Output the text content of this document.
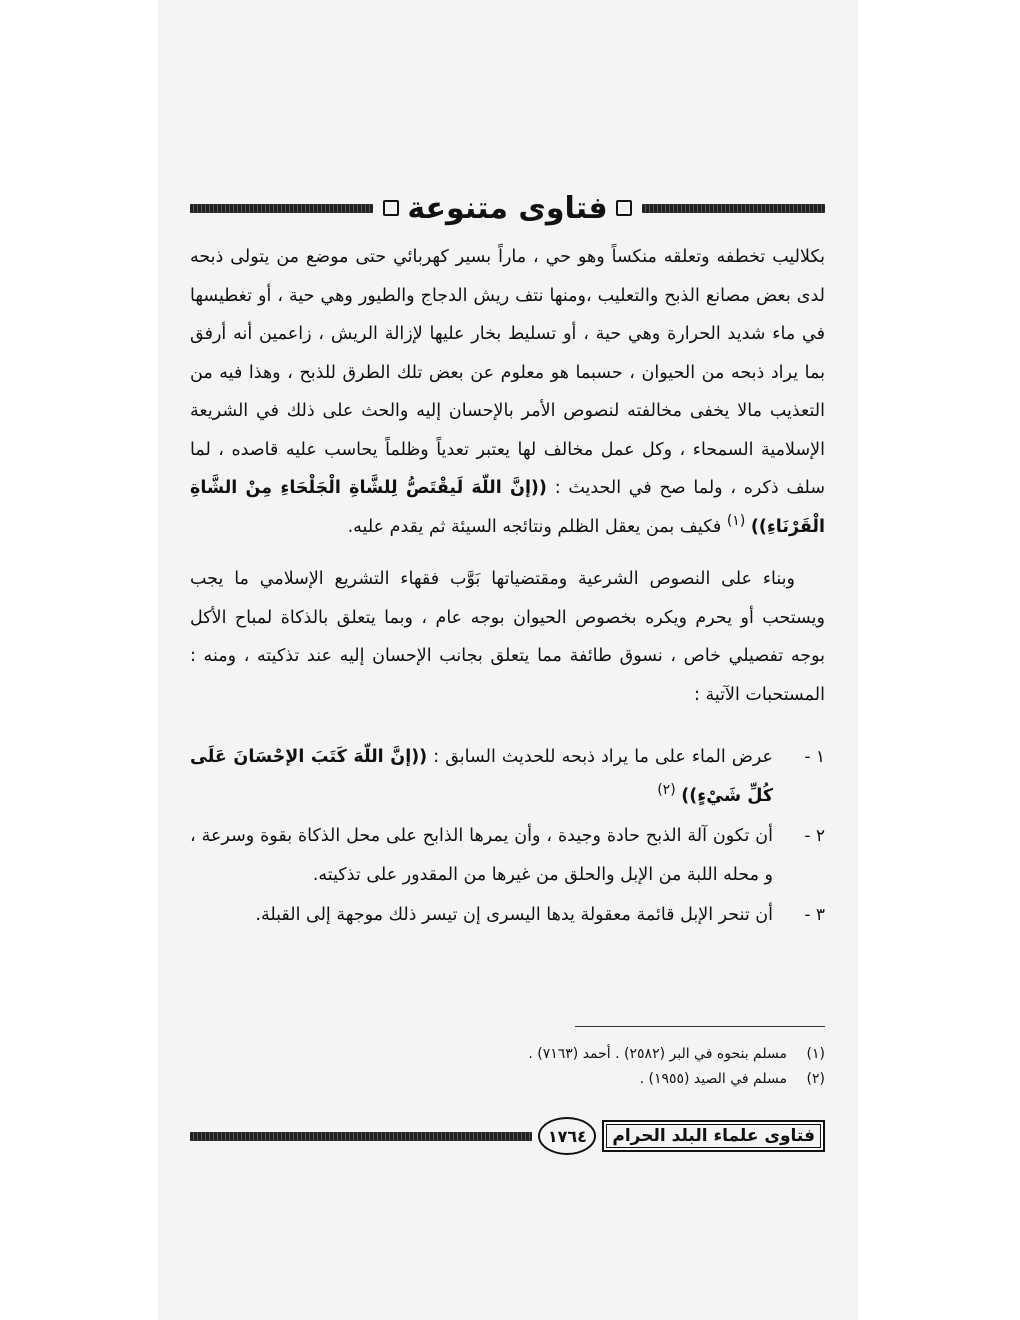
فتاوى متنوعة

بكلاليب تخطفه وتعلقه منكساً وهو حي ، ماراً بسير كهربائي حتى موضع من يتولى ذبحه لدى بعض مصانع الذبح والتعليب ،ومنها نتف ريش الدجاج والطيور وهي حية ، أو تغطيسها في ماء شديد الحرارة وهي حية ، أو تسليط بخار عليها لإزالة الريش ، زاعمين أنه أرفق بما يراد ذبحه من الحيوان ، حسبما هو معلوم عن بعض تلك الطرق للذبح ، وهذا فيه من التعذيب مالا يخفى مخالفته لنصوص الأمر بالإحسان إليه والحث على ذلك في الشريعة الإسلامية السمحاء ، وكل عمل مخالف لها يعتبر تعدياً وظلماً يحاسب عليه قاصده ، لما سلف ذكره ، ولما صح في الحديث : ((إنَّ اللّهَ لَيقْتَصُّ لِلشَّاةِ الْجَلْحَاءِ مِنْ الشَّاةِ الْقَرْنَاءِ)) $^{(١)}$ فكيف بمن يعقل الظلم ونتائجه السيئة ثم يقدم عليه.

وبناء على النصوص الشرعية ومقتضياتها بَوَّب فقهاء التشريع الإسلامي ما يجب ويستحب أو يحرم ويكره بخصوص الحيوان بوجه عام ، وبما يتعلق بالذكاة لمباح الأكل بوجه تفصيلي خاص ، نسوق طائفة مما يتعلق بجانب الإحسان إليه عند تذكيته ، ومنه : المستحبات الآتية :

١ -
عرض الماء على ما يراد ذبحه للحديث السابق : ((إنَّ اللّهَ كَتَبَ الإحْسَانَ عَلَى كُلِّ شَيْءٍ)) $^{(٢)}$
٢ -
أن تكون آلة الذبح حادة وجيدة ، وأن يمرها الذابح على محل الذكاة بقوة وسرعة ، و محله اللبة من الإبل والحلق من غيرها من المقدور على تذكيته.
٣ -
أن تنحر الإبل قائمة معقولة يدها اليسرى إن تيسر ذلك موجهة إلى القبلة.
(١)
مسلم بنحوه في البر (٢٥٨٢) . أحمد (٧١٦٣) .
(٢)
مسلم في الصيد (١٩٥٥) .
فتاوى علماء البلد الحرام
١٧٦٤
